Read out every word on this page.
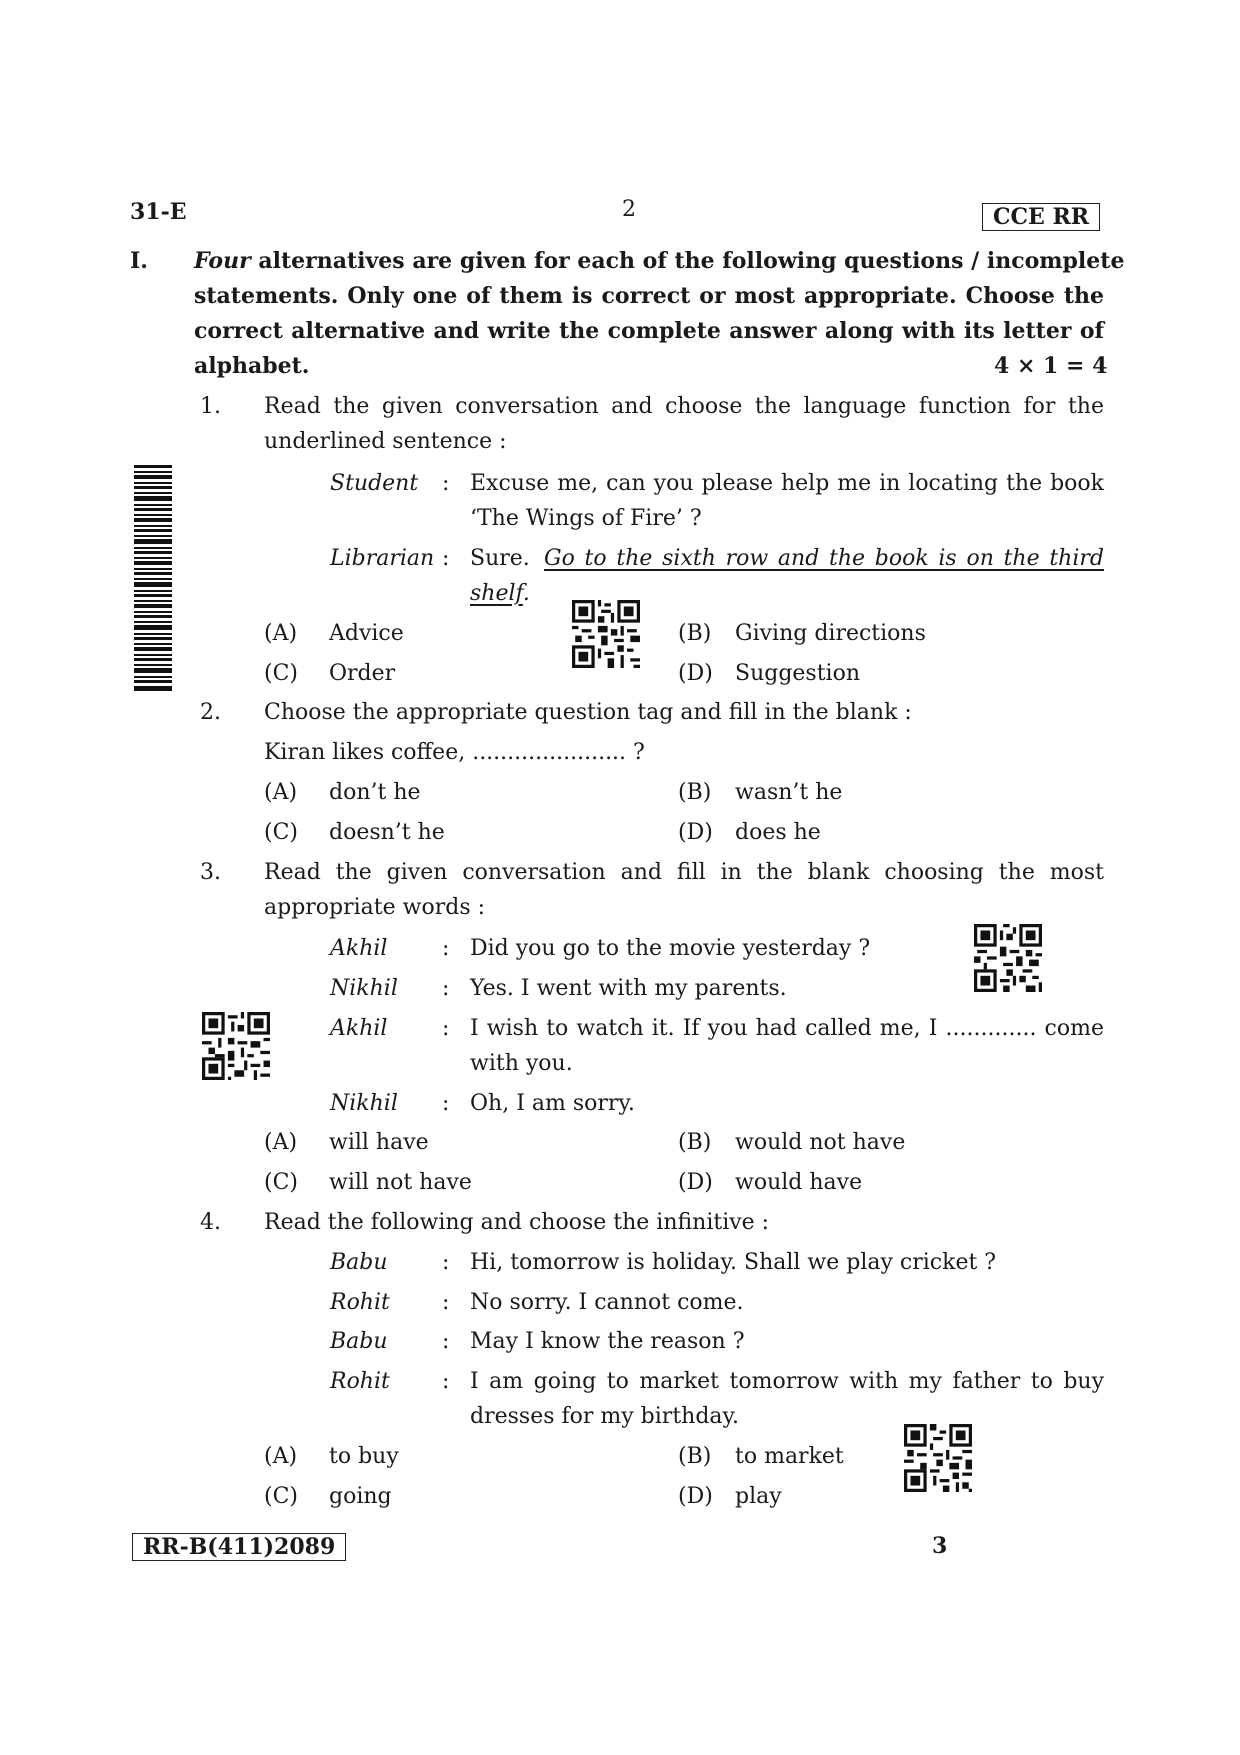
31-E	2	CCE RR
I. Four alternatives are given for each of the following questions / incomplete
statements. Only one of them is correct or most appropriate. Choose the
correct alternative and write the complete answer along with its letter of
alphabet.	4 × 1 = 4
1. Read the given conversation and choose the language function for the
underlined sentence :
Student : Excuse me, can you please help me in locating the book
‘The Wings of Fire’ ?
Librarian : Sure. Go to the sixth row and the book is on the third
shelf.
(A) Advice	(B) Giving directions
(C) Order	(D) Suggestion
2. Choose the appropriate question tag and fill in the blank :
Kiran likes coffee, ...................... ?
(A) don’t he	(B) wasn’t he
(C) doesn’t he	(D) does he
3. Read the given conversation and fill in the blank choosing the most
appropriate words :
Akhil : Did you go to the movie yesterday ?
Nikhil : Yes. I went with my parents.
Akhil : I wish to watch it. If you had called me, I ............. come
with you.
Nikhil : Oh, I am sorry.
(A) will have	(B) would not have
(C) will not have	(D) would have
4. Read the following and choose the infinitive :
Babu : Hi, tomorrow is holiday. Shall we play cricket ?
Rohit : No sorry. I cannot come.
Babu : May I know the reason ?
Rohit : I am going to market tomorrow with my father to buy
dresses for my birthday.
(A) to buy	(B) to market
(C) going	(D) play
RR-B(411)2089	3
